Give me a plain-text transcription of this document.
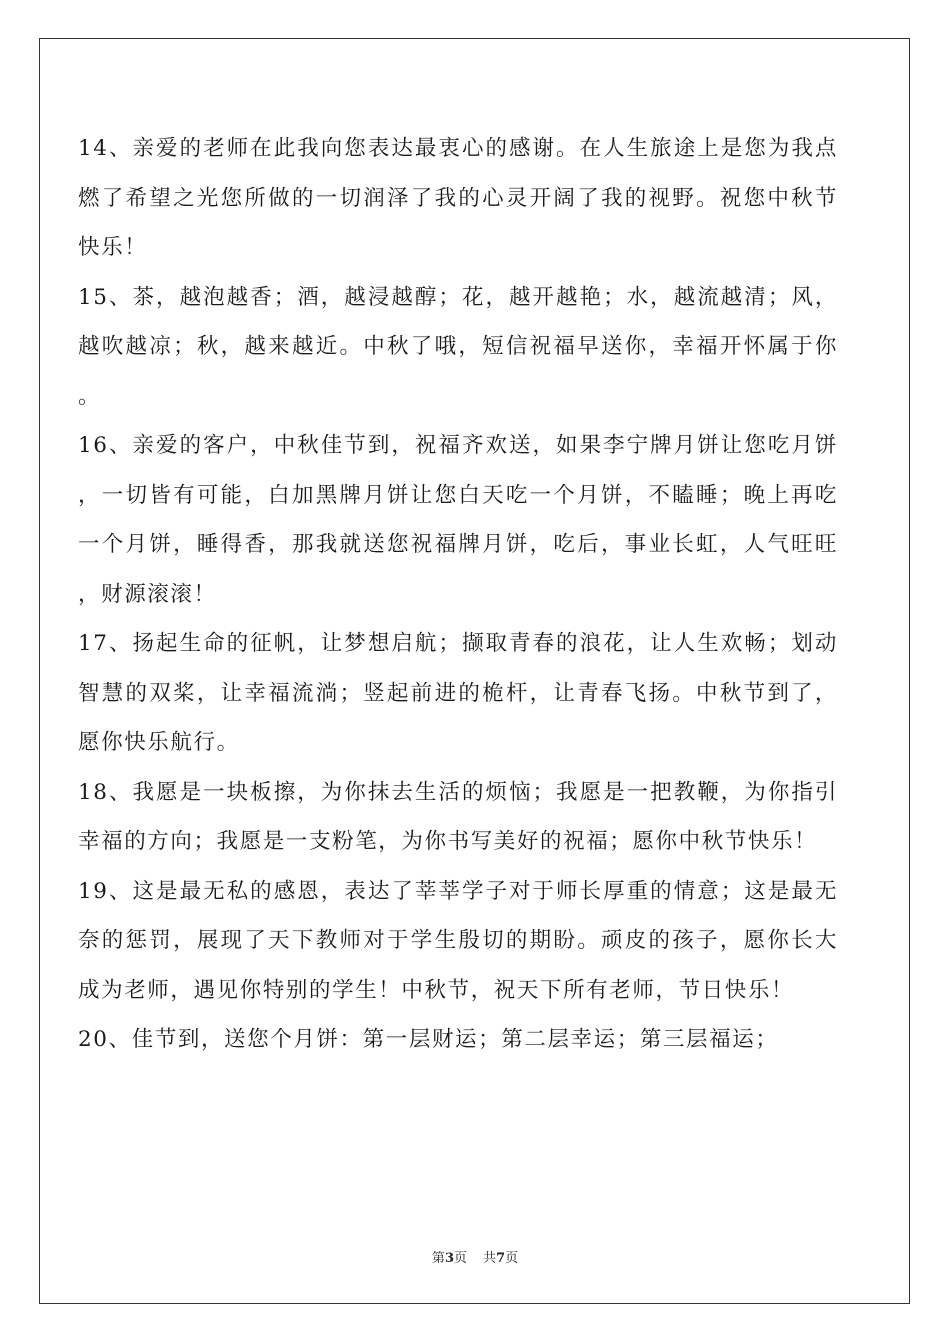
14、亲爱的老师在此我向您表达最衷心的感谢。在人生旅途上是您为我点燃了希望之光您所做的一切润泽了我的心灵开阔了我的视野。祝您中秋节快乐！

15、茶，越泡越香；酒，越浸越醇；花，越开越艳；水，越流越清；风，越吹越凉；秋，越来越近。中秋了哦，短信祝福早送你，幸福开怀属于你。

16、亲爱的客户，中秋佳节到，祝福齐欢送，如果李宁牌月饼让您吃月饼，一切皆有可能，白加黑牌月饼让您白天吃一个月饼，不瞌睡；晚上再吃一个月饼，睡得香，那我就送您祝福牌月饼，吃后，事业长虹，人气旺旺，财源滚滚！

17、扬起生命的征帆，让梦想启航；撷取青春的浪花，让人生欢畅；划动智慧的双桨，让幸福流淌；竖起前进的桅杆，让青春飞扬。中秋节到了，愿你快乐航行。

18、我愿是一块板擦，为你抹去生活的烦恼；我愿是一把教鞭，为你指引幸福的方向；我愿是一支粉笔，为你书写美好的祝福；愿你中秋节快乐！

19、这是最无私的感恩，表达了莘莘学子对于师长厚重的情意；这是最无奈的惩罚，展现了天下教师对于学生殷切的期盼。顽皮的孩子，愿你长大成为老师，遇见你特别的学生！中秋节，祝天下所有老师，节日快乐！

20、佳节到，送您个月饼：第一层财运；第二层幸运；第三层福运；

第3页 共7页
